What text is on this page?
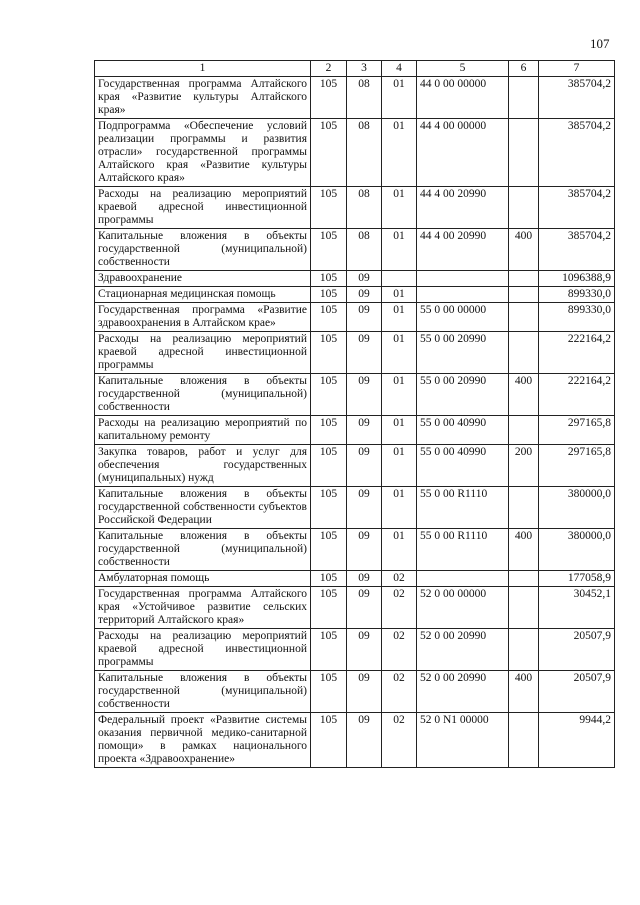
107
1	2	3	4	5	6	7
Государственная программа Алтайского края «Развитие культуры Алтайского края»	105	08	01	44 0 00 00000		385704,2
Подпрограмма «Обеспечение условий реализации программы и развития отрасли» государственной программы Алтайского края «Развитие культуры Алтайского края»	105	08	01	44 4 00 00000		385704,2
Расходы на реализацию мероприятий краевой адресной инвестиционной программы	105	08	01	44 4 00 20990		385704,2
Капитальные вложения в объекты государственной (муниципальной) собственности	105	08	01	44 4 00 20990	400	385704,2
Здравоохранение	105	09				1096388,9
Стационарная медицинская помощь	105	09	01			899330,0
Государственная программа «Развитие здравоохранения в Алтайском крае»	105	09	01	55 0 00 00000		899330,0
Расходы на реализацию мероприятий краевой адресной инвестиционной программы	105	09	01	55 0 00 20990		222164,2
Капитальные вложения в объекты государственной (муниципальной) собственности	105	09	01	55 0 00 20990	400	222164,2
Расходы на реализацию мероприятий по капитальному ремонту	105	09	01	55 0 00 40990		297165,8
Закупка товаров, работ и услуг для обеспечения государственных (муниципальных) нужд	105	09	01	55 0 00 40990	200	297165,8
Капитальные вложения в объекты государственной собственности субъектов Российской Федерации	105	09	01	55 0 00 R1110		380000,0
Капитальные вложения в объекты государственной (муниципальной) собственности	105	09	01	55 0 00 R1110	400	380000,0
Амбулаторная помощь	105	09	02			177058,9
Государственная программа Алтайского края «Устойчивое развитие сельских территорий Алтайского края»	105	09	02	52 0 00 00000		30452,1
Расходы на реализацию мероприятий краевой адресной инвестиционной программы	105	09	02	52 0 00 20990		20507,9
Капитальные вложения в объекты государственной (муниципальной) собственности	105	09	02	52 0 00 20990	400	20507,9
Федеральный проект «Развитие системы оказания первичной медико-санитарной помощи» в рамках национального проекта «Здравоохранение»	105	09	02	52 0 N1 00000		9944,2
